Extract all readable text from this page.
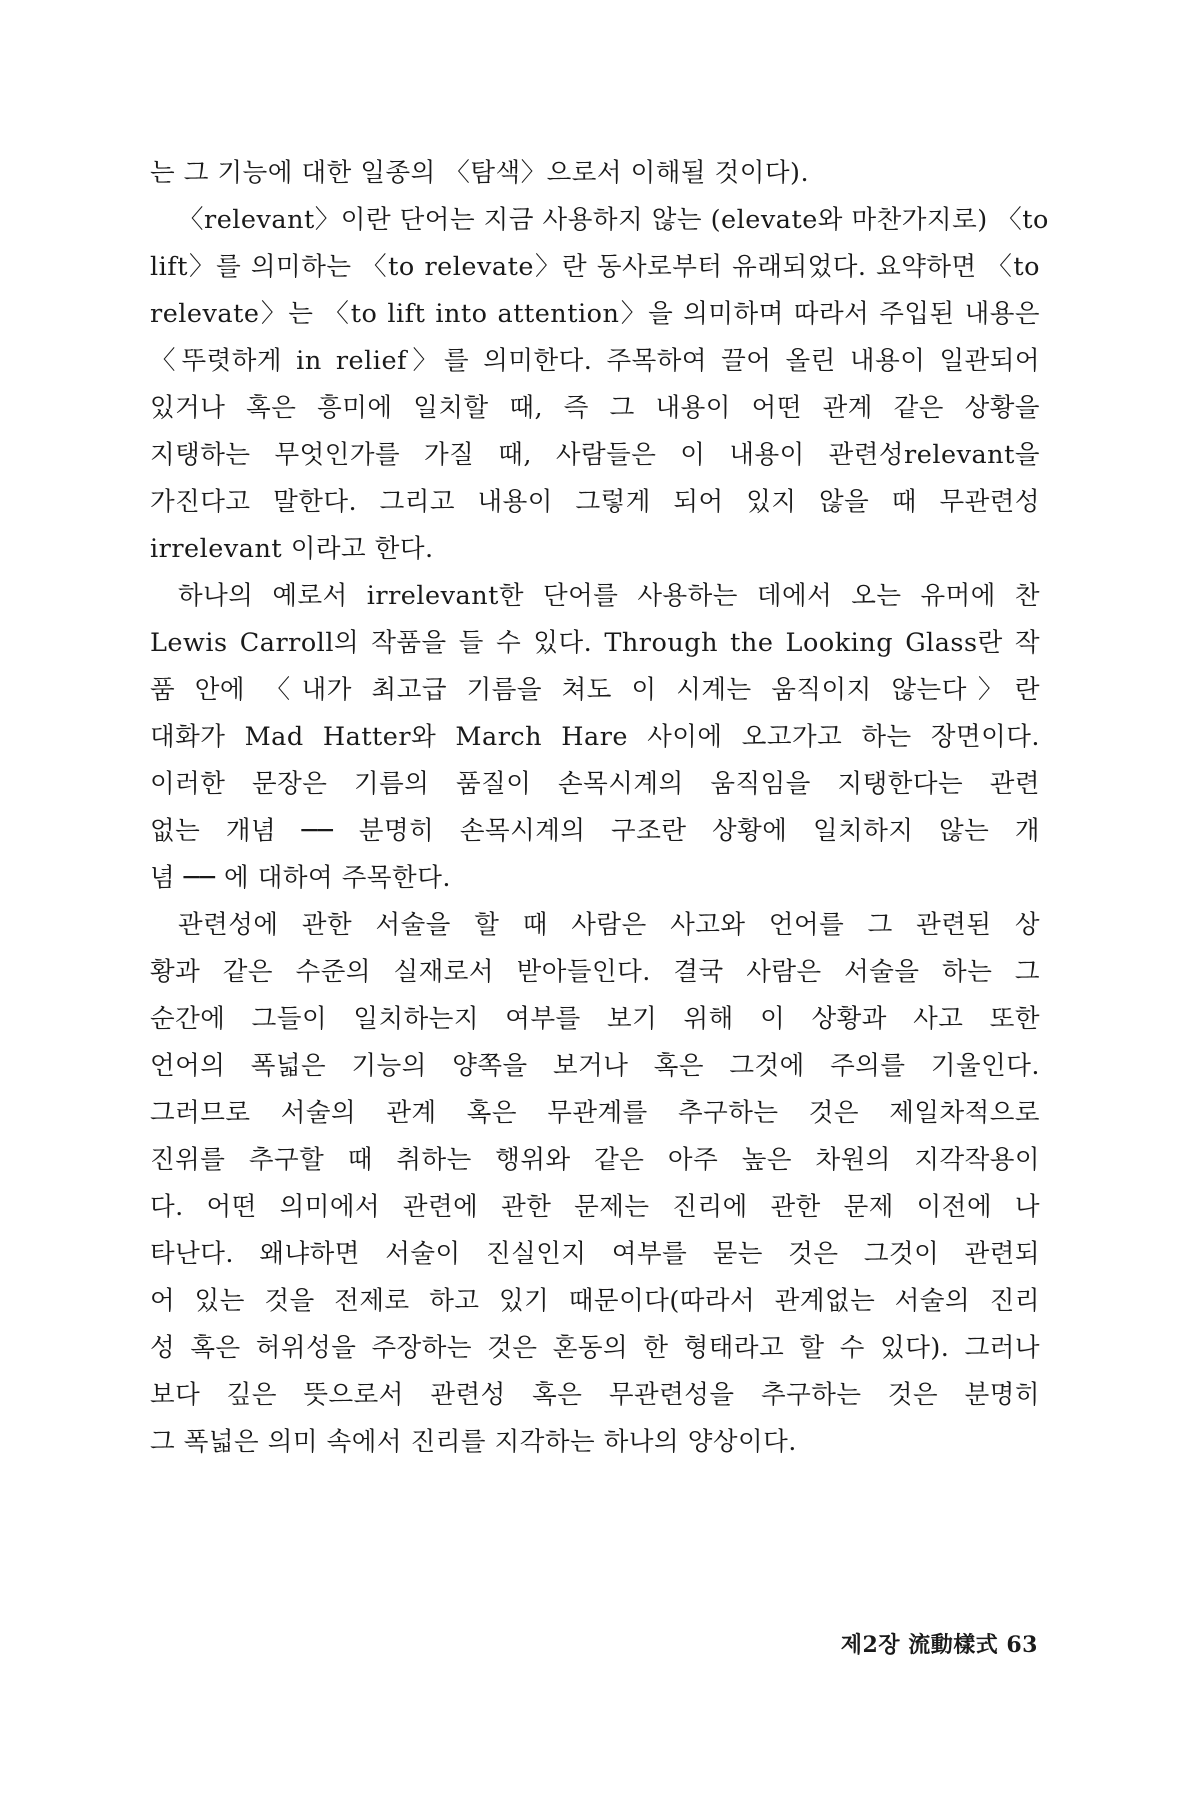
는 그 기능에 대한 일종의 〈탐색〉으로서 이해될 것이다).
〈relevant〉이란 단어는 지금 사용하지 않는 (elevate와 마찬가지로) 〈to
lift〉를 의미하는 〈to relevate〉란 동사로부터 유래되었다. 요약하면 〈to
relevate〉는 〈to lift into attention〉을 의미하며 따라서 주입된 내용은
〈뚜렷하게 in relief〉를 의미한다. 주목하여 끌어 올린 내용이 일관되어
있거나 혹은 흥미에 일치할 때, 즉 그 내용이 어떤 관계 같은 상황을
지탱하는 무엇인가를 가질 때, 사람들은 이 내용이 관련성relevant을
가진다고 말한다. 그리고 내용이 그렇게 되어 있지 않을 때 무관련성
irrelevant 이라고 한다.
하나의 예로서 irrelevant한 단어를 사용하는 데에서 오는 유머에 찬
Lewis Carroll의 작품을 들 수 있다. Through the Looking Glass란 작
품 안에 〈내가 최고급 기름을 쳐도 이 시계는 움직이지 않는다〉란
대화가 Mad Hatter와 March Hare 사이에 오고가고 하는 장면이다.
이러한 문장은 기름의 품질이 손목시계의 움직임을 지탱한다는 관련
없는 개념 ── 분명히 손목시계의 구조란 상황에 일치하지 않는 개
념 ── 에 대하여 주목한다.
관련성에 관한 서술을 할 때 사람은 사고와 언어를 그 관련된 상
황과 같은 수준의 실재로서 받아들인다. 결국 사람은 서술을 하는 그
순간에 그들이 일치하는지 여부를 보기 위해 이 상황과 사고 또한
언어의 폭넓은 기능의 양쪽을 보거나 혹은 그것에 주의를 기울인다.
그러므로 서술의 관계 혹은 무관계를 추구하는 것은 제일차적으로
진위를 추구할 때 취하는 행위와 같은 아주 높은 차원의 지각작용이
다. 어떤 의미에서 관련에 관한 문제는 진리에 관한 문제 이전에 나
타난다. 왜냐하면 서술이 진실인지 여부를 묻는 것은 그것이 관련되
어 있는 것을 전제로 하고 있기 때문이다(따라서 관계없는 서술의 진리
성 혹은 허위성을 주장하는 것은 혼동의 한 형태라고 할 수 있다). 그러나
보다 깊은 뜻으로서 관련성 혹은 무관련성을 추구하는 것은 분명히
그 폭넓은 의미 속에서 진리를 지각하는 하나의 양상이다.
제2장 流動樣式 63
